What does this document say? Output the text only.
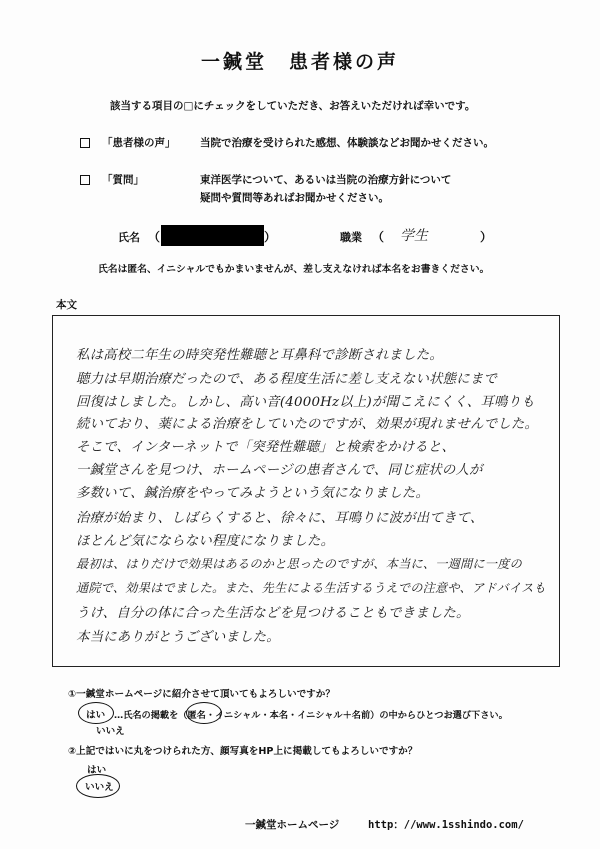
一鍼堂　患者様の声
該当する項目の□にチェックをしていただき、お答えいただければ幸いです。
「患者様の声」 当院で治療を受けられた感想、体験談などお聞かせください。
「質問」	東洋医学について、あるいは当院の治療方針について
疑問や質問等あればお聞かせください。
氏名 （	）	職業 （ 学生	）
氏名は匿名、イニシャルでもかまいませんが、差し支えなければ本名をお書きください。
本文
私は高校二年生の時突発性難聴と耳鼻科で診断されました。
聴力は早期治療だったので、ある程度生活に差し支えない状態にまで
回復はしました。しかし、高い音(4000Hz以上)が聞こえにくく、耳鳴りも
続いており、薬による治療をしていたのですが、効果が現れませんでした。
そこで、インターネットで「突発性難聴」と検索をかけると、
一鍼堂さんを見つけ、ホームページの患者さんで、同じ症状の人が
多数いて、鍼治療をやってみようという気になりました。
治療が始まり、しばらくすると、徐々に、耳鳴りに波が出てきて、
ほとんど気にならない程度になりました。
最初は、はりだけで効果はあるのかと思ったのですが、本当に、一週間に一度の
通院で、効果はでました。また、先生による生活するうえでの注意や、アドバイスも
うけ、自分の体に合った生活などを見つけることもできました。
本当にありがとうございました。
①一鍼堂ホームページに紹介させて頂いてもよろしいですか？
はい …氏名の掲載を（匿名・イニシャル・本名・イニシャル＋名前）の中からひとつお選び下さい。
いいえ
②上記ではいに丸をつけられた方、顔写真をHP上に掲載してもよろしいですか？
はい
いいえ
一鍼堂ホームページ	http：//www.1sshindo.com/
